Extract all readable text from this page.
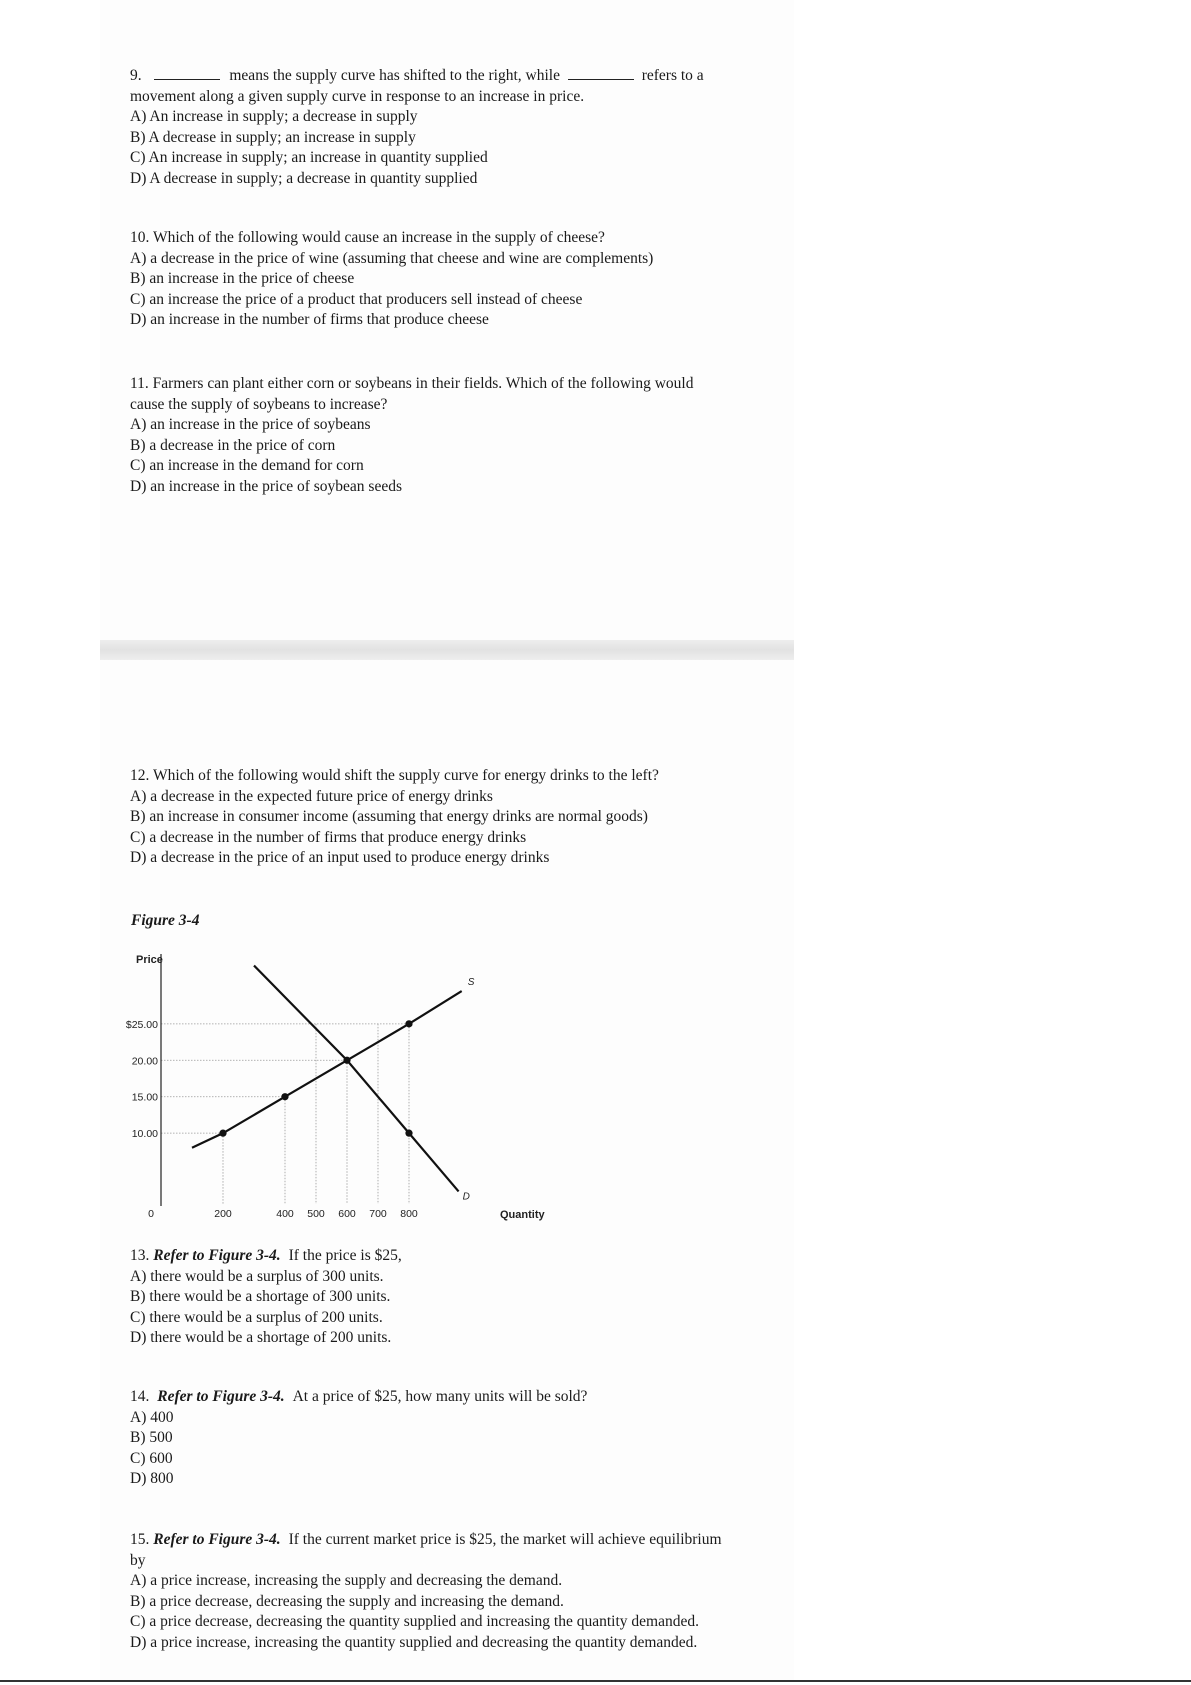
9.	means the supply curve has shifted to the right, while	refers to a
movement along a given supply curve in response to an increase in price.
A) An increase in supply; a decrease in supply
B) A decrease in supply; an increase in supply
C) An increase in supply; an increase in quantity supplied
D) A decrease in supply; a decrease in quantity supplied
10. Which of the following would cause an increase in the supply of cheese?
A) a decrease in the price of wine (assuming that cheese and wine are complements)
B) an increase in the price of cheese
C) an increase the price of a product that producers sell instead of cheese
D) an increase in the number of firms that produce cheese
11. Farmers can plant either corn or soybeans in their fields. Which of the following would
cause the supply of soybeans to increase?
A) an increase in the price of soybeans
B) a decrease in the price of corn
C) an increase in the demand for corn
D) an increase in the price of soybean seeds
12. Which of the following would shift the supply curve for energy drinks to the left?
A) a decrease in the expected future price of energy drinks
B) an increase in consumer income (assuming that energy drinks are normal goods)
C) a decrease in the number of firms that produce energy drinks
D) a decrease in the price of an input used to produce energy drinks
Figure 3-4
Price
$25.00
20.00
15.00
10.00
0	200	400 500 600 700 800	Quantity
S
D
13. Refer to Figure 3-4. If the price is $25,
A) there would be a surplus of 300 units.
B) there would be a shortage of 300 units.
C) there would be a surplus of 200 units.
D) there would be a shortage of 200 units.
14. Refer to Figure 3-4. At a price of $25, how many units will be sold?
A) 400
B) 500
C) 600
D) 800
15. Refer to Figure 3-4. If the current market price is $25, the market will achieve equilibrium
by
A) a price increase, increasing the supply and decreasing the demand.
B) a price decrease, decreasing the supply and increasing the demand.
C) a price decrease, decreasing the quantity supplied and increasing the quantity demanded.
D) a price increase, increasing the quantity supplied and decreasing the quantity demanded.
